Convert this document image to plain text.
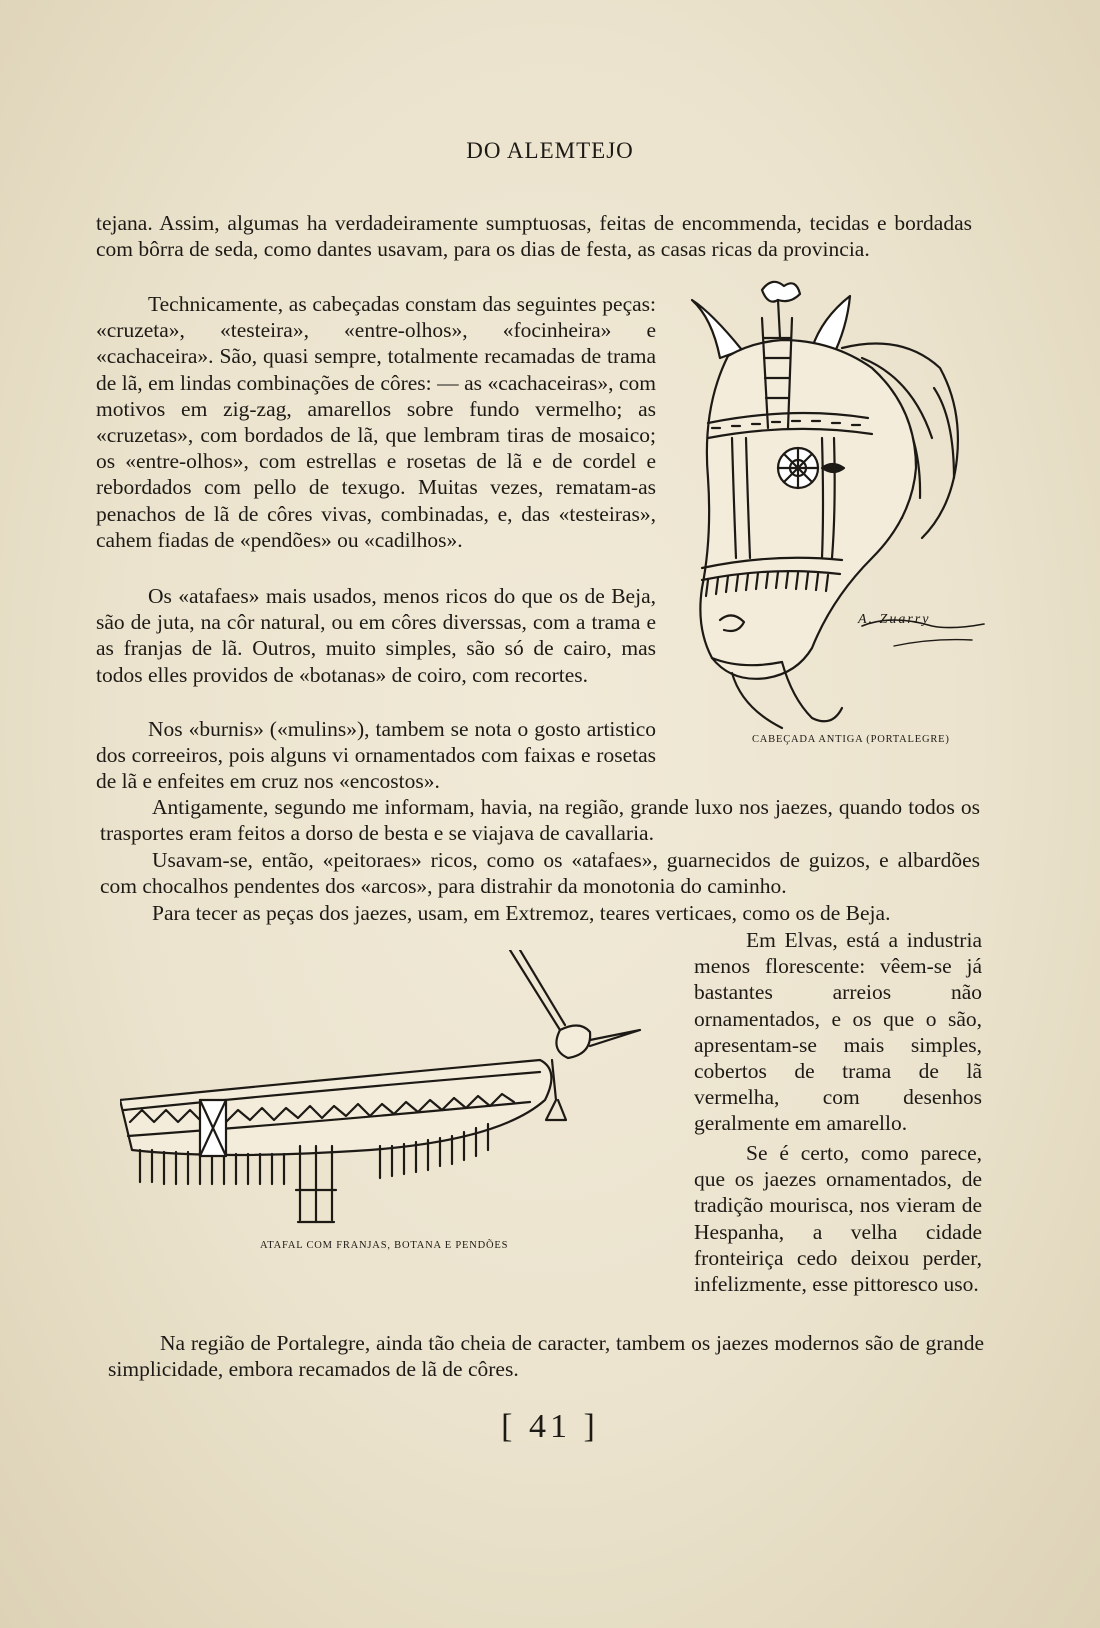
DO ALEMTEJO

tejana. Assim, algumas ha verdadeiramente sumptuosas, feitas de encommenda, tecidas e bordadas com bôrra de seda, como dantes usavam, para os dias de festa, as casas ricas da provincia.

Technicamente, as cabeçadas constam das seguintes peças: «cruzeta», «testeira», «entre-olhos», «focinheira» e «cachaceira». São, quasi sempre, totalmente recamadas de trama de lã, em lindas combinações de côres: — as «cachaceiras», com motivos em zig-zag, amarellos sobre fundo vermelho; as «cruzetas», com bordados de lã, que lembram tiras de mosaico; os «entre-olhos», com estrellas e rosetas de lã e de cordel e rebordados com pello de texugo. Muitas vezes, rematam-as penachos de lã de côres vivas, combinadas, e, das «testeiras», cahem fiadas de «pendões» ou «cadilhos».

Os «atafaes» mais usados, menos ricos do que os de Beja, são de juta, na côr natural, ou em côres diverssas, com a trama e as franjas de lã. Outros, muito simples, são só de cairo, mas todos elles providos de «botanas» de coiro, com recortes.

Nos «burnis» («mulins»), tambem se nota o gosto artistico dos correeiros, pois alguns vi ornamentados com faixas e rosetas de lã e enfeites em cruz nos «encostos».

Antigamente, segundo me informam, havia, na região, grande luxo nos jaezes, quando todos os trasportes eram feitos a dorso de besta e se viajava de cavallaria.

Usavam-se, então, «peitoraes» ricos, como os «atafaes», guarnecidos de guizos, e albardões com chocalhos pendentes dos «arcos», para distrahir da monotonia do caminho.

Para tecer as peças dos jaezes, usam, em Extremoz, teares verticaes, como os de Beja.

Em Elvas, está a industria menos florescente: vêem-se já bastantes arreios não ornamentados, e os que o são, apresentam-se mais simples, cobertos de trama de lã vermelha, com desenhos geralmente em amarello.

Se é certo, como parece, que os jaezes ornamentados, de tradição mourisca, nos vieram de Hespanha, a velha cidade fronteiriça cedo deixou perder, infelizmente, esse pittoresco uso.

Na região de Portalegre, ainda tão cheia de caracter, tambem os jaezes modernos são de grande simplicidade, embora recamados de lã de côres.

A. Zuarry
CABEÇADA ANTIGA (PORTALEGRE)
ATAFAL COM FRANJAS, BOTANA E PENDÕES
[ 41 ]
